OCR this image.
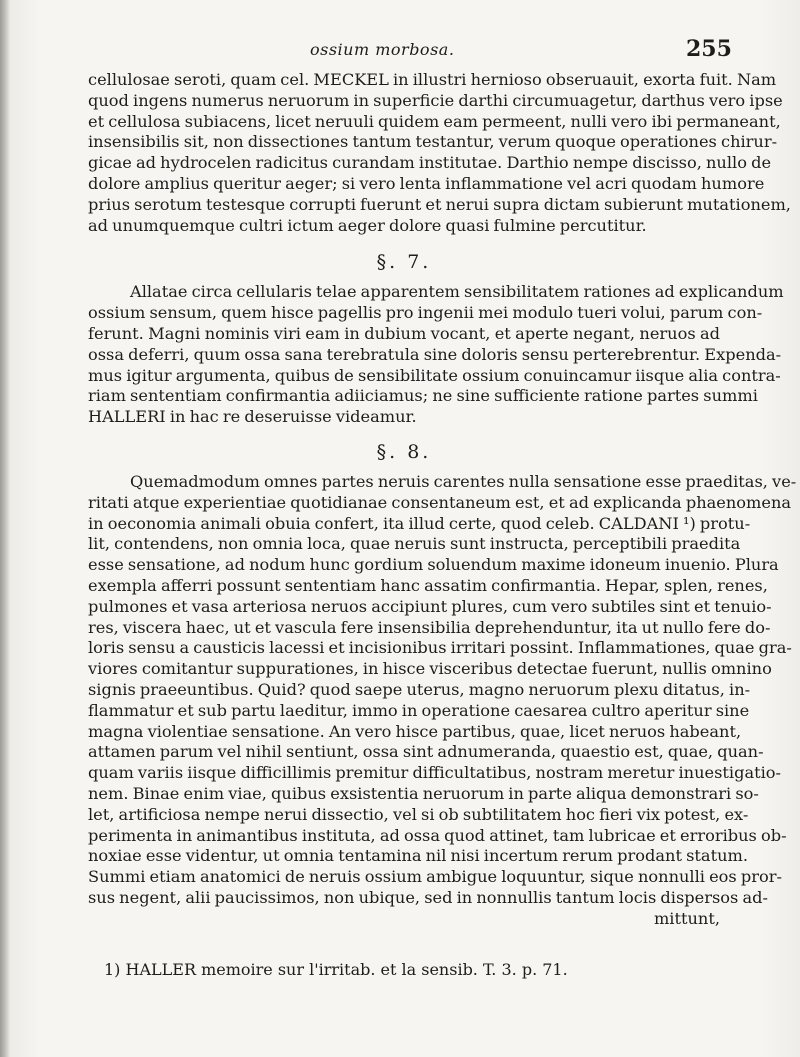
ossium morbosa.	255
cellulosae seroti, quam cel. MECKEL in illustri hernioso obseruauit, exorta fuit. Nam
quod ingens numerus neruorum in superficie darthi circumuagetur, darthus vero ipse
et cellulosa subiacens, licet neruuli quidem eam permeent, nulli vero ibi permaneant,
insensibilis sit, non dissectiones tantum testantur, verum quoque operationes chirur-
gicae ad hydrocelen radicitus curandam institutae. Darthio nempe discisso, nullo de
dolore amplius queritur aeger; si vero lenta inflammatione vel acri quodam humore
prius serotum testesque corrupti fuerunt et nerui supra dictam subierunt mutationem,
ad unumquemque cultri ictum aeger dolore quasi fulmine percutitur.
§. 7.
Allatae circa cellularis telae apparentem sensibilitatem rationes ad explicandum
ossium sensum, quem hisce pagellis pro ingenii mei modulo tueri volui, parum con-
ferunt. Magni nominis viri eam in dubium vocant, et aperte negant, neruos ad
ossa deferri, quum ossa sana terebratula sine doloris sensu perterebrentur. Expenda-
mus igitur argumenta, quibus de sensibilitate ossium conuincamur iisque alia contra-
riam sententiam confirmantia adiiciamus; ne sine sufficiente ratione partes summi
HALLERI in hac re deseruisse videamur.
§. 8.
Quemadmodum omnes partes neruis carentes nulla sensatione esse praeditas, ve-
ritati atque experientiae quotidianae consentaneum est, et ad explicanda phaenomena
in oeconomia animali obuia confert, ita illud certe, quod celeb. CALDANI ¹) protu-
lit, contendens, non omnia loca, quae neruis sunt instructa, perceptibili praedita
esse sensatione, ad nodum hunc gordium soluendum maxime idoneum inuenio. Plura
exempla afferri possunt sententiam hanc assatim confirmantia. Hepar, splen, renes,
pulmones et vasa arteriosa neruos accipiunt plures, cum vero subtiles sint et tenuio-
res, viscera haec, ut et vascula fere insensibilia deprehenduntur, ita ut nullo fere do-
loris sensu a causticis lacessi et incisionibus irritari possint. Inflammationes, quae gra-
viores comitantur suppurationes, in hisce visceribus detectae fuerunt, nullis omnino
signis praeeuntibus. Quid? quod saepe uterus, magno neruorum plexu ditatus, in-
flammatur et sub partu laeditur, immo in operatione caesarea cultro aperitur sine
magna violentiae sensatione. An vero hisce partibus, quae, licet neruos habeant,
attamen parum vel nihil sentiunt, ossa sint adnumeranda, quaestio est, quae, quan-
quam variis iisque difficillimis premitur difficultatibus, nostram meretur inuestigatio-
nem. Binae enim viae, quibus exsistentia neruorum in parte aliqua demonstrari so-
let, artificiosa nempe nerui dissectio, vel si ob subtilitatem hoc fieri vix potest, ex-
perimenta in animantibus instituta, ad ossa quod attinet, tam lubricae et erroribus ob-
noxiae esse videntur, ut omnia tentamina nil nisi incertum rerum prodant statum.
Summi etiam anatomici de neruis ossium ambigue loquuntur, sique nonnulli eos pror-
sus negent, alii paucissimos, non ubique, sed in nonnullis tantum locis dispersos ad-
mittunt,
1) HALLER memoire sur l'irritab. et la sensib. T. 3. p. 71.
